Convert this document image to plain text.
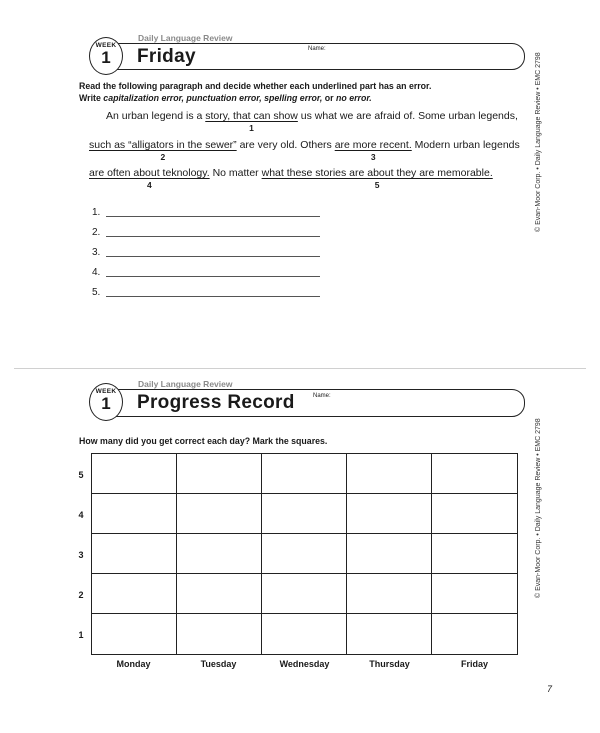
Daily Language Review
WEEK
1	Friday	Name:
Read the following paragraph and decide whether each underlined part has an error.
Write capitalization error, punctuation error, spelling error, or no error.
An urban legend is a story, that can show
1
us what we are afraid of. Some urban legends,
such as “alligators in the sewer”
2
are very old. Others are more recent.
3
Modern urban legends
are often about teknology.
4
No matter what these stories are about they are memorable.
5
1.
2.
3.
4.
5.
© Evan-Moor Corp. • Daily Language Review • EMC 2798
Daily Language Review
WEEK
1	Progress Record	Name:
How many did you get correct each day? Mark the squares.
5
4
3
2
1
Monday	Tuesday	Wednesday	Thursday	Friday
© Evan-Moor Corp. • Daily Language Review • EMC 2798
7
